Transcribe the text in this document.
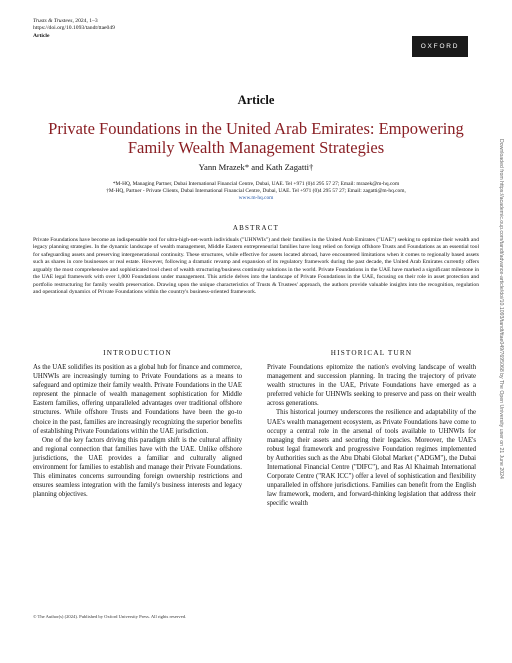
Trusts & Trustees, 2024, 1–3
https://doi.org/10.1093/tandt/ttae049
Article
OXFORD
Downloaded from https://academic.oup.com/tandt/advance-article/doi/10.1093/tandt/ttae049/7695068 by The Open University user on 21 June 2024
Article
Private Foundations in the United Arab Emirates: Empowering Family Wealth Management Strategies
Yann Mrazek* and Kath Zagatti†
*M-HQ, Managing Partner, Dubai International Financial Centre, Dubai, UAE. Tel +971 (0)4 295 57 27; Email: mrazek@m-hq.com
†M-HQ, Partner - Private Clients, Dubai International Financial Centre, Dubai, UAE. Tel +971 (0)4 295 57 27; Email: zagatti@m-hq.com,
www.m-hq.com
ABSTRACT
Private Foundations have become an indispensable tool for ultra-high-net-worth individuals ("UHNWIs") and their families in the United Arab Emirates ("UAE") seeking to optimize their wealth and legacy planning strategies. In the dynamic landscape of wealth management, Middle Eastern entrepreneurial families have long relied on foreign offshore Trusts and Foundations as an essential tool for safeguarding assets and preserving intergenerational continuity. These structures, while effective for assets located abroad, have encountered limitations when it comes to regionally based assets such as shares in core businesses or real estate. However, following a dramatic revamp and expansion of its regulatory framework during the past decade, the United Arab Emirates currently offers arguably the most comprehensive and sophisticated tool chest of wealth structuring/business continuity solutions in the world. Private Foundations in the UAE have marked a significant milestone in the UAE legal framework with over 1,000 Foundations under management. This article delves into the landscape of Private Foundations in the UAE, focusing on their role in asset protection and portfolio restructuring for family wealth preservation. Drawing upon the unique characteristics of Trusts & Trustees' approach, the authors provide valuable insights into the recognition, regulation and operational dynamics of Private Foundations within the country's business-oriented framework.
INTRODUCTION

As the UAE solidifies its position as a global hub for finance and commerce, UHNWIs are increasingly turning to Private Foundations as a means to safeguard and optimize their family wealth. Private Foundations in the UAE represent the pinnacle of wealth management sophistication for Middle Eastern families, offering unparalleled advantages over traditional offshore structures. While offshore Trusts and Foundations have been the go-to choice in the past, families are increasingly recognizing the superior benefits of establishing Private Foundations within the UAE jurisdiction.

One of the key factors driving this paradigm shift is the cultural affinity and regional connection that families have with the UAE. Unlike offshore jurisdictions, the UAE provides a familiar and culturally aligned environment for families to establish and manage their Private Foundations. This eliminates concerns surrounding foreign ownership restrictions and ensures seamless integration with the family's business interests and legacy planning objectives.

HISTORICAL TURN

Private Foundations epitomize the nation's evolving landscape of wealth management and succession planning. In tracing the trajectory of private wealth structures in the UAE, Private Foundations have emerged as a preferred vehicle for UHNWIs seeking to preserve and pass on their wealth across generations.

This historical journey underscores the resilience and adaptability of the UAE's wealth management ecosystem, as Private Foundations have come to occupy a central role in the arsenal of tools available to UHNWIs for managing their assets and securing their legacies. Moreover, the UAE's robust legal framework and progressive Foundation regimes implemented by Authorities such as the Abu Dhabi Global Market ("ADGM"), the Dubai International Financial Centre ("DIFC"), and Ras Al Khaimah International Corporate Centre ("RAK ICC") offer a level of sophistication and flexibility unparalleled in offshore jurisdictions. Families can benefit from the English law framework, modern, and forward-thinking legislation that address their specific wealth

© The Author(s) (2024). Published by Oxford University Press. All rights reserved.
